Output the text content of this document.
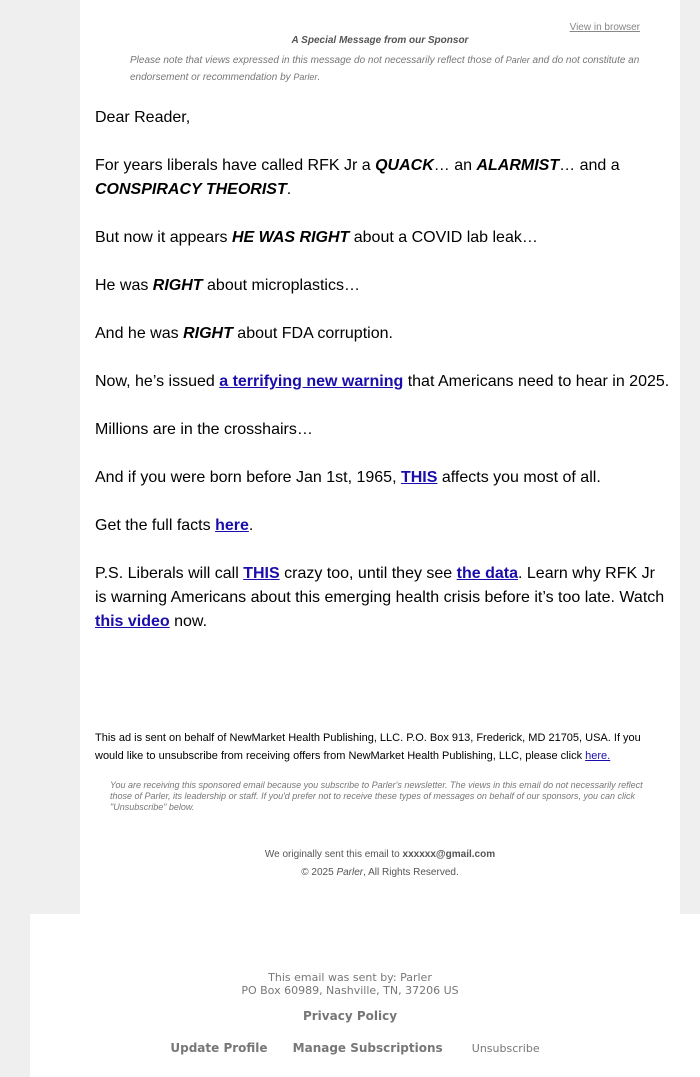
View in browser
A Special Message from our Sponsor
Please note that views expressed in this message do not necessarily reflect those of Parler and do not constitute an endorsement or recommendation by Parler.

Dear Reader,

For years liberals have called RFK Jr a QUACK… an ALARMIST… and a CONSPIRACY THEORIST.

But now it appears HE WAS RIGHT about a COVID lab leak…

He was RIGHT about microplastics…

And he was RIGHT about FDA corruption.

Now, he’s issued a terrifying new warning that Americans need to hear in 2025.

Millions are in the crosshairs…

And if you were born before Jan 1st, 1965, THIS affects you most of all.

Get the full facts here.

P.S. Liberals will call THIS crazy too, until they see the data. Learn why RFK Jr is warning Americans about this emerging health crisis before it’s too late. Watch this video now.

This ad is sent on behalf of NewMarket Health Publishing, LLC. P.O. Box 913, Frederick, MD 21705, USA. If you would like to unsubscribe from receiving offers from NewMarket Health Publishing, LLC, please click here.
You are receiving this sponsored email because you subscribe to Parler's newsletter. The views in this email do not necessarily reflect those of Parler, its leadership or staff. If you'd prefer not to receive these types of messages on behalf of our sponsors, you can click "Unsubscribe" below.
We originally sent this email to xxxxxx@gmail.com
© 2025 Parler, All Rights Reserved.
This email was sent by: Parler
PO Box 60989, Nashville, TN, 37206 US
Privacy Policy
Update Profile Manage Subscriptions	Unsubscribe
